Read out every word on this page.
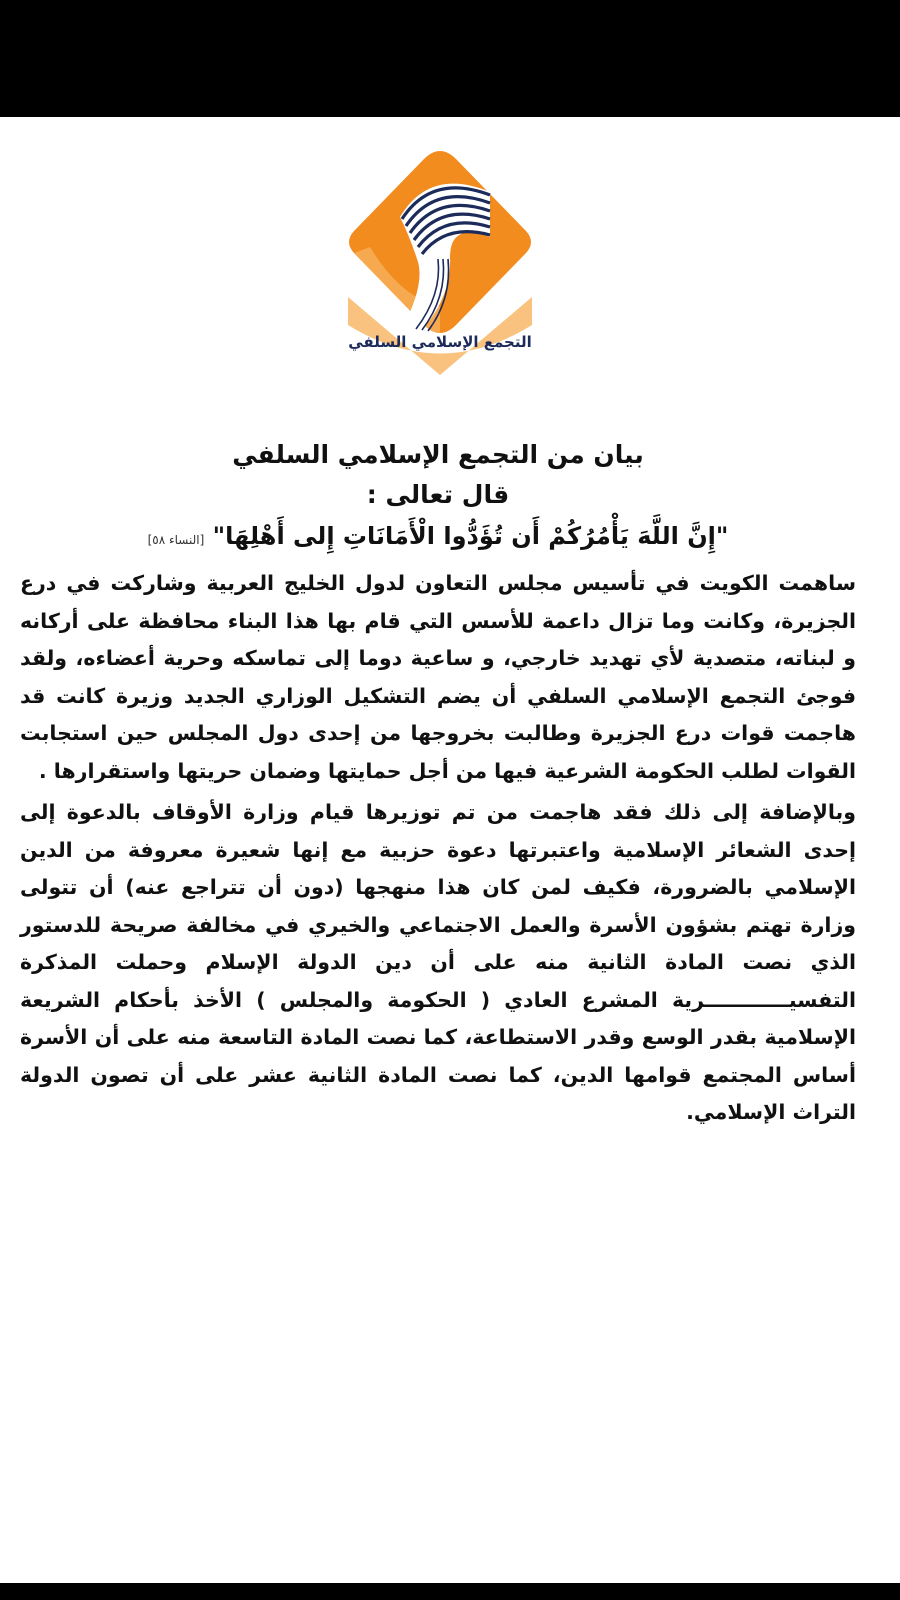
التجمع الإسلامي السلفي
بيان من التجمع الإسلامي السلفي
قال تعالى :
"إِنَّ اللَّهَ يَأْمُرُكُمْ أَن تُؤَدُّوا الْأَمَانَاتِ إِلى أَهْلِهَا" [النساء ٥٨]

ساهمت الكويت في تأسيس مجلس التعاون لدول الخليج العربية وشاركت في درع الجزيرة، وكانت وما تزال داعمة للأسس التي قام بها هذا البناء محافظة على أركانه و لبناته، متصدية لأي تهديد خارجي، و ساعية دوما إلى تماسكه وحرية أعضاءه، ولقد فوجئ التجمع الإسلامي السلفي أن يضم التشكيل الوزاري الجديد وزيرة كانت قد هاجمت قوات درع الجزيرة وطالبت بخروجها من إحدى دول المجلس حين استجابت القوات لطلب الحكومة الشرعية فيها من أجل حمايتها وضمان حريتها واستقرارها .

وبالإضافة إلى ذلك فقد هاجمت من تم توزيرها قيام وزارة الأوقاف بالدعوة إلى إحدى الشعائر الإسلامية واعتبرتها دعوة حزبية مع إنها شعيرة معروفة من الدين الإسلامي بالضرورة، فكيف لمن كان هذا منهجها (دون أن تتراجع عنه) أن تتولى وزارة تهتم بشؤون الأسرة والعمل الاجتماعي والخيري في مخالفة صريحة للدستور الذي نصت المادة الثانية منه على أن دين الدولة الإسلام وحملت المذكرة التفسيــــــــــــرية المشرع العادي ( الحكومة والمجلس ) الأخذ بأحكام الشريعة الإسلامية بقدر الوسع وقدر الاستطاعة، كما نصت المادة التاسعة منه على أن الأسرة أساس المجتمع قوامها الدين، كما نصت المادة الثانية عشر على أن تصون الدولة التراث الإسلامي.
